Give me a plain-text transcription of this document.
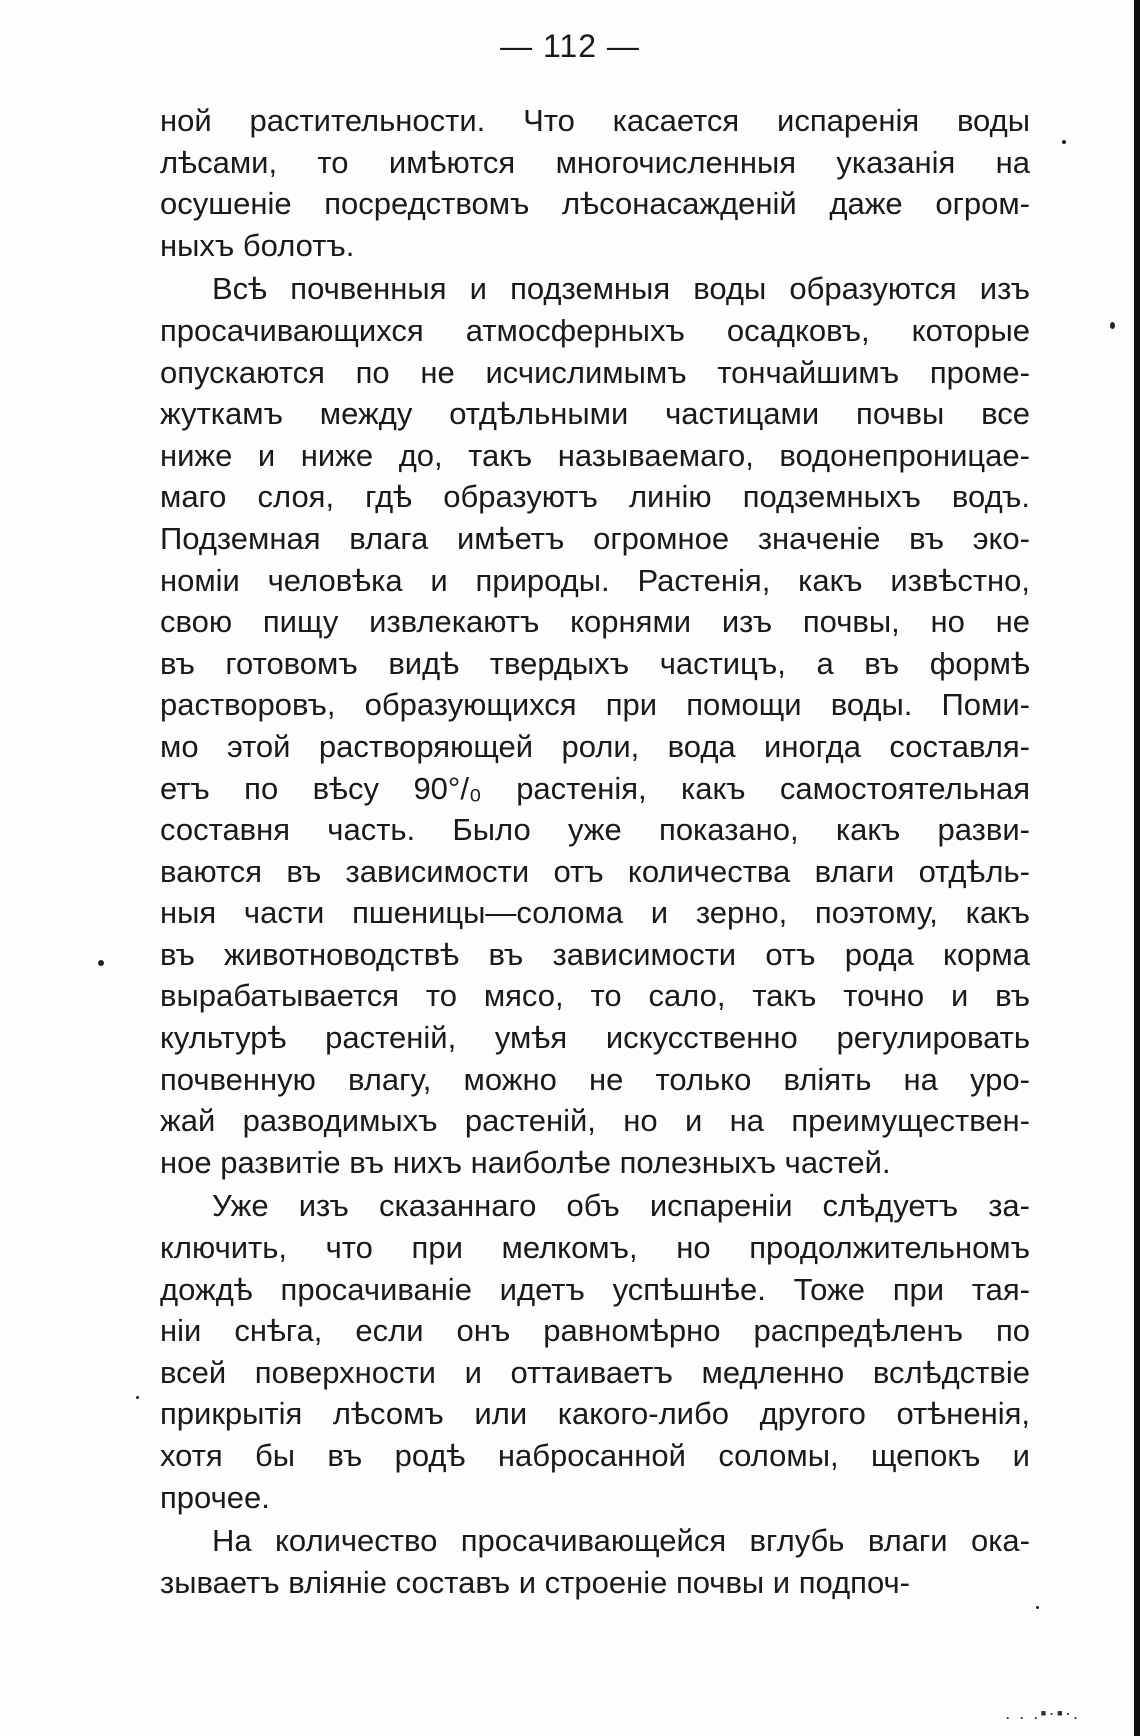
— 112 —
ной растительности. Что касается испаренія воды
лѣсами, то имѣются многочисленныя указанія на
осушеніе посредствомъ лѣсонасажденій даже огром-
ныхъ болотъ.
Всѣ почвенныя и подземныя воды образуются изъ
просачивающихся атмосферныхъ осадковъ, которые
опускаются по не исчислимымъ тончайшимъ проме-
жуткамъ между отдѣльными частицами почвы все
ниже и ниже до, такъ называемаго, водонепроницае-
маго слоя, гдѣ образуютъ линію подземныхъ водъ.
Подземная влага имѣетъ огромное значеніе въ эко-
номіи человѣка и природы. Растенія, какъ извѣстно,
свою пищу извлекаютъ корнями изъ почвы, но не
въ готовомъ видѣ твердыхъ частицъ, а въ формѣ
растворовъ, образующихся при помощи воды. Поми-
мо этой растворяющей роли, вода иногда составля-
етъ по вѣсу 90°/₀ растенія, какъ самостоятельная
составня часть. Было уже показано, какъ разви-
ваются въ зависимости отъ количества влаги отдѣль-
ныя части пшеницы—солома и зерно, поэтому, какъ
въ животноводствѣ въ зависимости отъ рода корма
вырабатывается то мясо, то сало, такъ точно и въ
культурѣ растеній, умѣя искусственно регулировать
почвенную влагу, можно не только вліять на уро-
жай разводимыхъ растеній, но и на преимуществен-
ное развитіе въ нихъ наиболѣе полезныхъ частей.
Уже изъ сказаннаго объ испареніи слѣдуетъ за-
ключить, что при мелкомъ, но продолжительномъ
дождѣ просачиваніе идетъ успѣшнѣе. Тоже при тая-
ніи снѣга, если онъ равномѣрно распредѣленъ по
всей поверхности и оттаиваетъ медленно вслѣдствіе
прикрытія лѣсомъ или какого-либо другого отѣненія,
хотя бы въ родѣ набросанной соломы, щепокъ и
прочее.
На количество просачивающейся вглубь влаги ока-
зываетъ вліяніе составъ и строеніе почвы и подпоч-
. . .▪·▪·.
